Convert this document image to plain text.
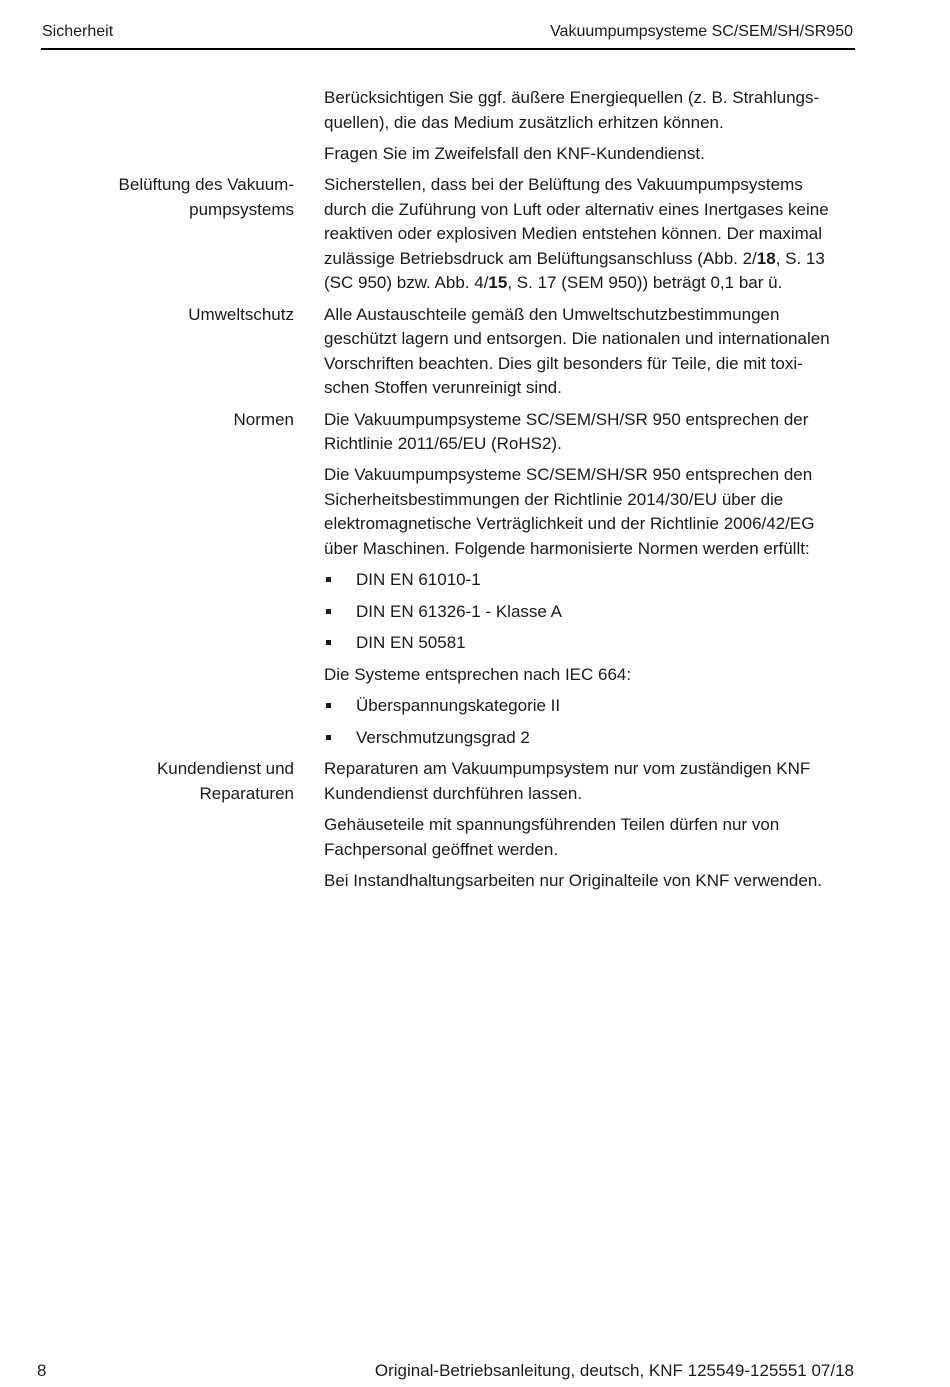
Sicherheit	Vakuumpumpsysteme SC/SEM/SH/SR950

Berücksichtigen Sie ggf. äußere Energiequellen (z. B. Strahlungs-
quellen), die das Medium zusätzlich erhitzen können.

Fragen Sie im Zweifelsfall den KNF-Kundendienst.

Belüftung des Vakuum-
pumpsystems

Sicherstellen, dass bei der Belüftung des Vakuumpumpsystems
durch die Zuführung von Luft oder alternativ eines Inertgases keine
reaktiven oder explosiven Medien entstehen können. Der maximal
zulässige Betriebsdruck am Belüftungsanschluss (Abb. 2/18, S. 13
(SC 950) bzw. Abb. 4/15, S. 17 (SEM 950)) beträgt 0,1 bar ü.

Umweltschutz Alle Austauschteile gemäß den Umweltschutzbestimmungen
geschützt lagern und entsorgen. Die nationalen und internationalen
Vorschriften beachten. Dies gilt besonders für Teile, die mit toxi-
schen Stoffen verunreinigt sind.

Normen Die Vakuumpumpsysteme SC/SEM/SH/SR 950 entsprechen der
Richtlinie 2011/65/EU (RoHS2).

Die Vakuumpumpsysteme SC/SEM/SH/SR 950 entsprechen den
Sicherheitsbestimmungen der Richtlinie 2014/30/EU über die
elektromagnetische Verträglichkeit und der Richtlinie 2006/42/EG
über Maschinen. Folgende harmonisierte Normen werden erfüllt:

DIN EN 61010-1
DIN EN 61326-1 - Klasse A
DIN EN 50581

Die Systeme entsprechen nach IEC 664:

Überspannungskategorie II
Verschmutzungsgrad 2
Kundendienst und
Reparaturen

Reparaturen am Vakuumpumpsystem nur vom zuständigen KNF
Kundendienst durchführen lassen.

Gehäuseteile mit spannungsführenden Teilen dürfen nur von
Fachpersonal geöffnet werden.

Bei Instandhaltungsarbeiten nur Originalteile von KNF verwenden.

8	Original-Betriebsanleitung, deutsch, KNF 125549-125551 07/18
